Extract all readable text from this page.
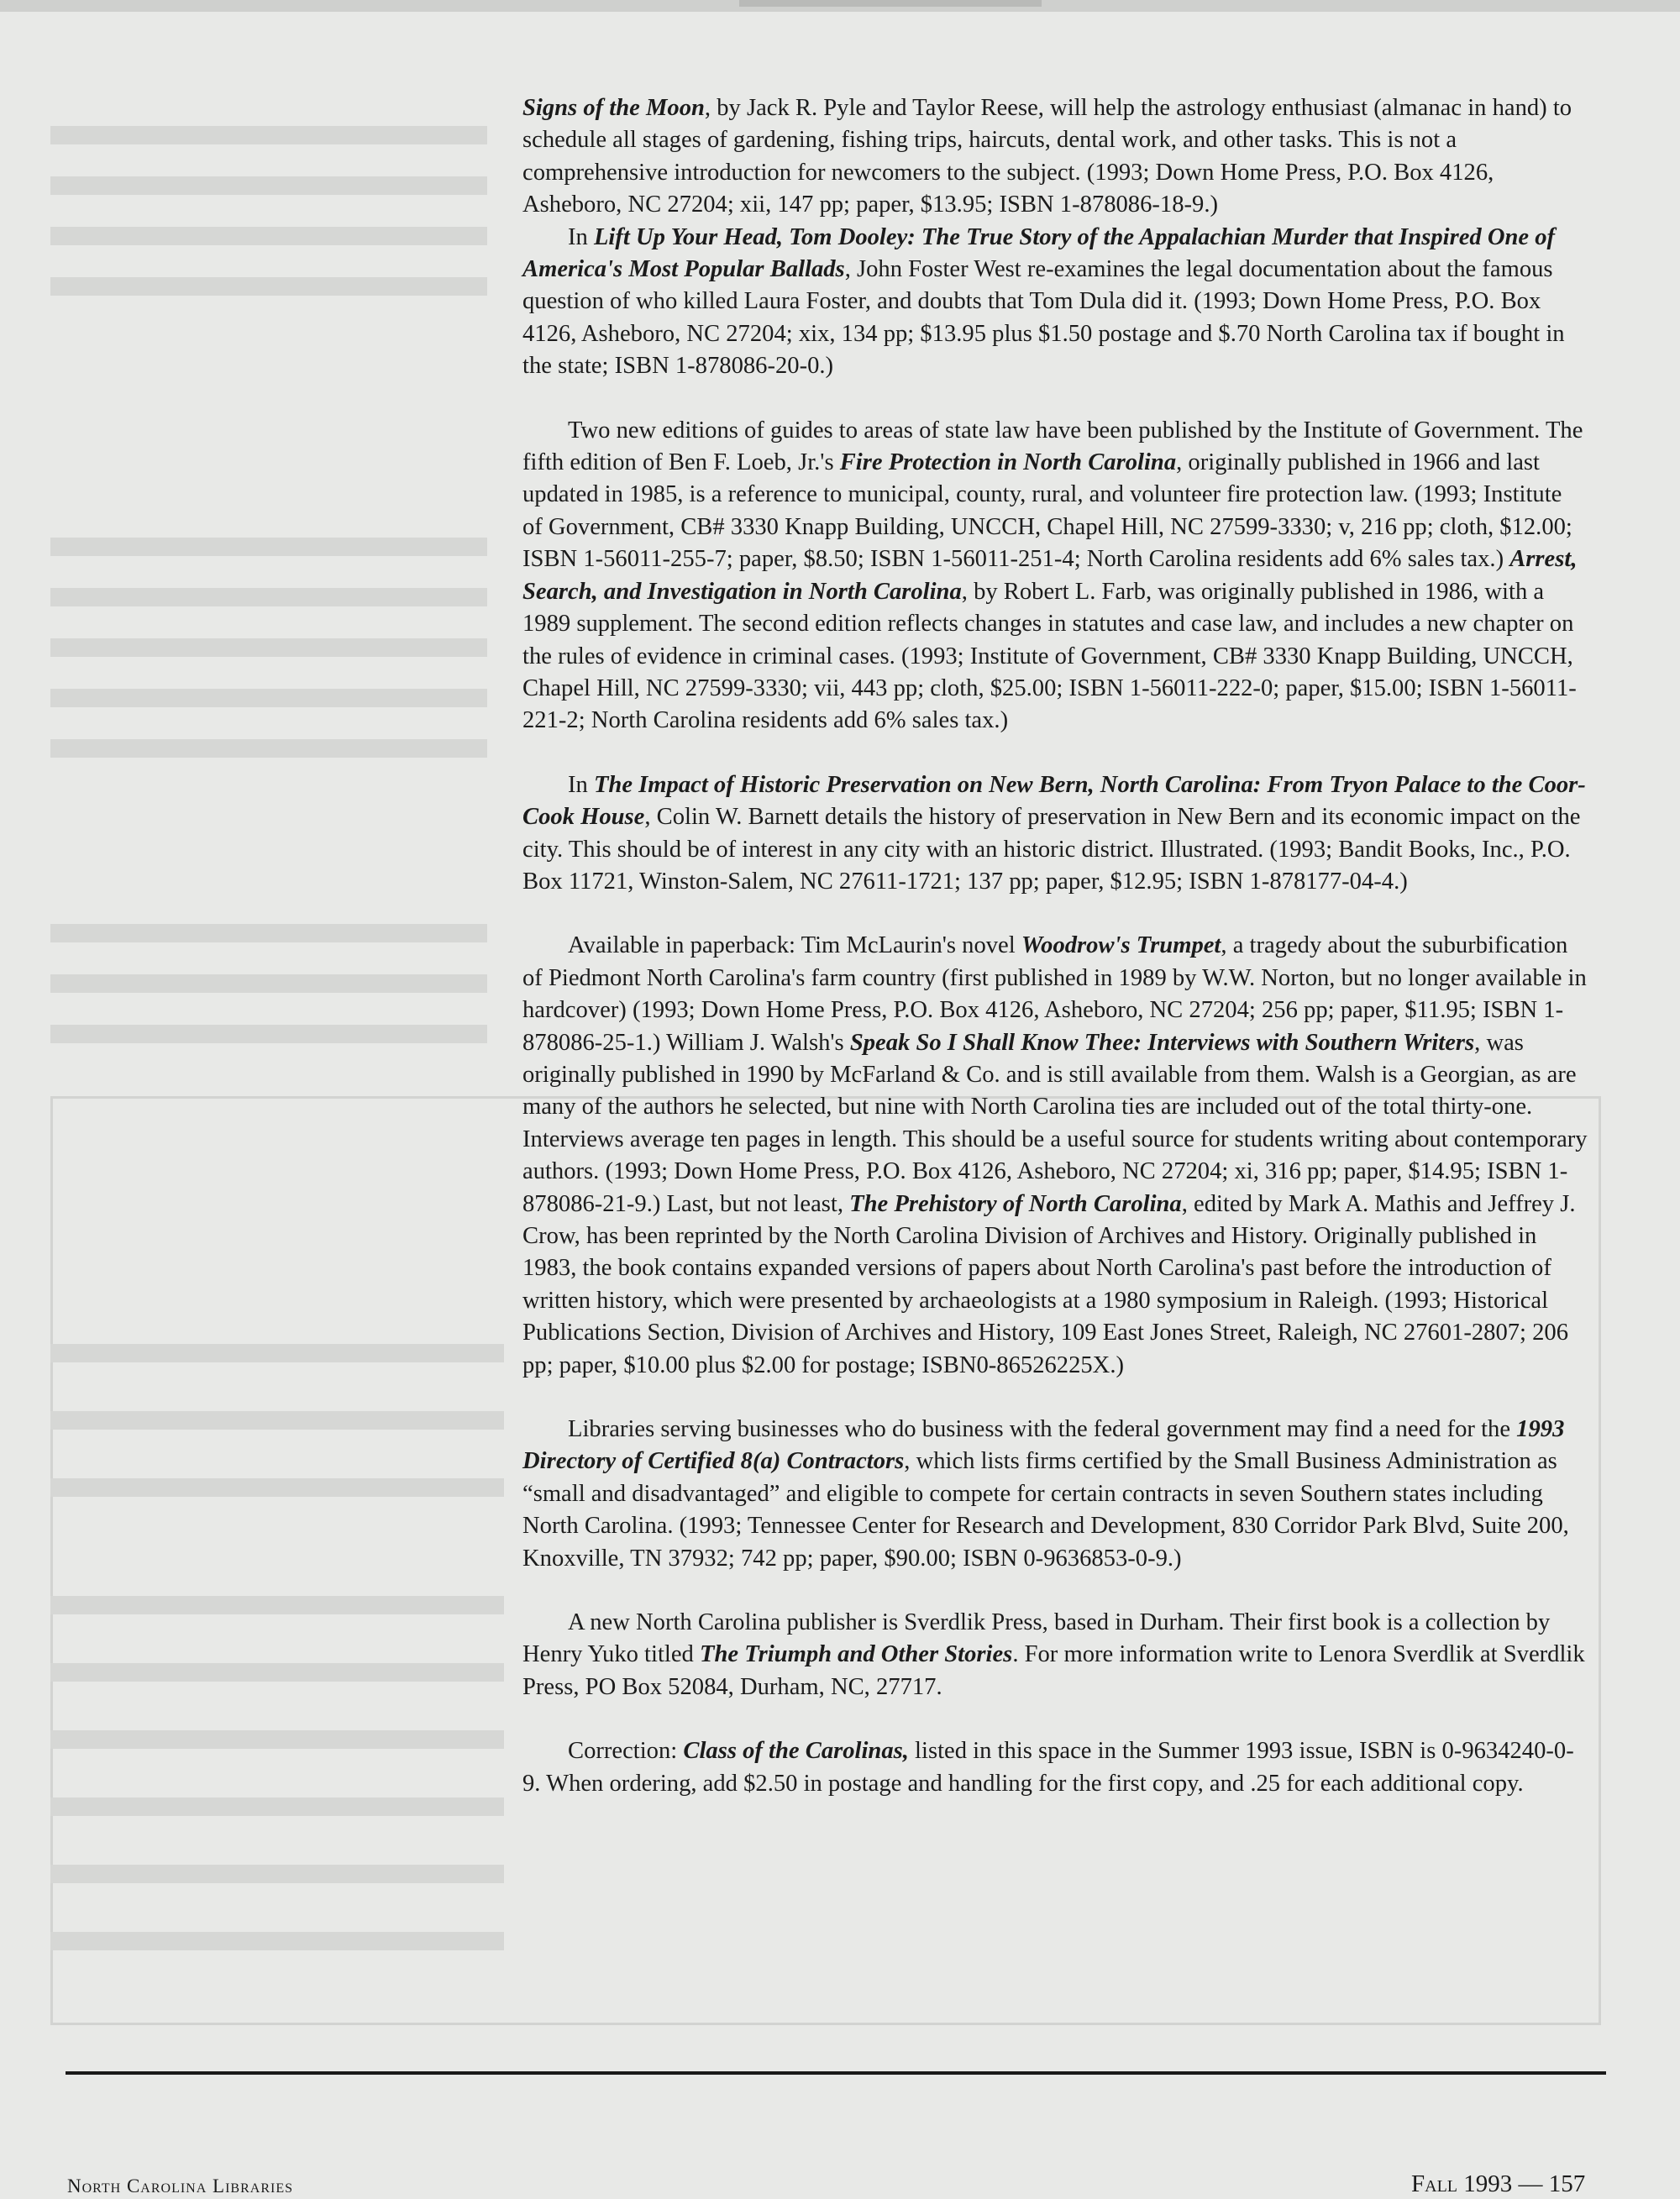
Signs of the Moon, by Jack R. Pyle and Taylor Reese, will help the astrology enthusiast (almanac in hand) to schedule all stages of gardening, fishing trips, haircuts, dental work, and other tasks. This is not a comprehensive introduction for newcomers to the subject. (1993; Down Home Press, P.O. Box 4126, Asheboro, NC 27204; xii, 147 pp; paper, $13.95; ISBN 1-878086-18-9.)

In Lift Up Your Head, Tom Dooley: The True Story of the Appalachian Murder that Inspired One of America's Most Popular Ballads, John Foster West re-examines the legal documentation about the famous question of who killed Laura Foster, and doubts that Tom Dula did it. (1993; Down Home Press, P.O. Box 4126, Asheboro, NC 27204; xix, 134 pp; $13.95 plus $1.50 postage and $.70 North Carolina tax if bought in the state; ISBN 1-878086-20-0.)

Two new editions of guides to areas of state law have been published by the Institute of Government. The fifth edition of Ben F. Loeb, Jr.'s Fire Protection in North Carolina, originally published in 1966 and last updated in 1985, is a reference to municipal, county, rural, and volunteer fire protection law. (1993; Institute of Government, CB# 3330 Knapp Building, UNCCH, Chapel Hill, NC 27599-3330; v, 216 pp; cloth, $12.00; ISBN 1-56011-255-7; paper, $8.50; ISBN 1-56011-251-4; North Carolina residents add 6% sales tax.) Arrest, Search, and Investigation in North Carolina, by Robert L. Farb, was originally published in 1986, with a 1989 supplement. The second edition reflects changes in statutes and case law, and includes a new chapter on the rules of evidence in criminal cases. (1993; Institute of Government, CB# 3330 Knapp Building, UNCCH, Chapel Hill, NC 27599-3330; vii, 443 pp; cloth, $25.00; ISBN 1-56011-222-0; paper, $15.00; ISBN 1-56011-221-2; North Carolina residents add 6% sales tax.)

In The Impact of Historic Preservation on New Bern, North Carolina: From Tryon Palace to the Coor-Cook House, Colin W. Barnett details the history of preservation in New Bern and its economic impact on the city. This should be of interest in any city with an historic district. Illustrated. (1993; Bandit Books, Inc., P.O. Box 11721, Winston-Salem, NC 27611-1721; 137 pp; paper, $12.95; ISBN 1-878177-04-4.)

Available in paperback: Tim McLaurin's novel Woodrow's Trumpet, a tragedy about the suburbification of Piedmont North Carolina's farm country (first published in 1989 by W.W. Norton, but no longer available in hardcover) (1993; Down Home Press, P.O. Box 4126, Asheboro, NC 27204; 256 pp; paper, $11.95; ISBN 1-878086-25-1.) William J. Walsh's Speak So I Shall Know Thee: Interviews with Southern Writers, was originally published in 1990 by McFarland & Co. and is still available from them. Walsh is a Georgian, as are many of the authors he selected, but nine with North Carolina ties are included out of the total thirty-one. Interviews average ten pages in length. This should be a useful source for students writing about contemporary authors. (1993; Down Home Press, P.O. Box 4126, Asheboro, NC 27204; xi, 316 pp; paper, $14.95; ISBN 1-878086-21-9.) Last, but not least, The Prehistory of North Carolina, edited by Mark A. Mathis and Jeffrey J. Crow, has been reprinted by the North Carolina Division of Archives and History. Originally published in 1983, the book contains expanded versions of papers about North Carolina's past before the introduction of written history, which were presented by archaeologists at a 1980 symposium in Raleigh. (1993; Historical Publications Section, Division of Archives and History, 109 East Jones Street, Raleigh, NC 27601-2807; 206 pp; paper, $10.00 plus $2.00 for postage; ISBN0-86526225X.)

Libraries serving businesses who do business with the federal government may find a need for the 1993 Directory of Certified 8(a) Contractors, which lists firms certified by the Small Business Administration as “small and disadvantaged” and eligible to compete for certain contracts in seven Southern states including North Carolina. (1993; Tennessee Center for Research and Development, 830 Corridor Park Blvd, Suite 200, Knoxville, TN 37932; 742 pp; paper, $90.00; ISBN 0-9636853-0-9.)

A new North Carolina publisher is Sverdlik Press, based in Durham. Their first book is a collection by Henry Yuko titled The Triumph and Other Stories. For more information write to Lenora Sverdlik at Sverdlik Press, PO Box 52084, Durham, NC, 27717.

Correction: Class of the Carolinas, listed in this space in the Summer 1993 issue, ISBN is 0-9634240-0-9. When ordering, add $2.50 in postage and handling for the first copy, and .25 for each additional copy.

North Carolina Libraries	Fall 1993 — 157
